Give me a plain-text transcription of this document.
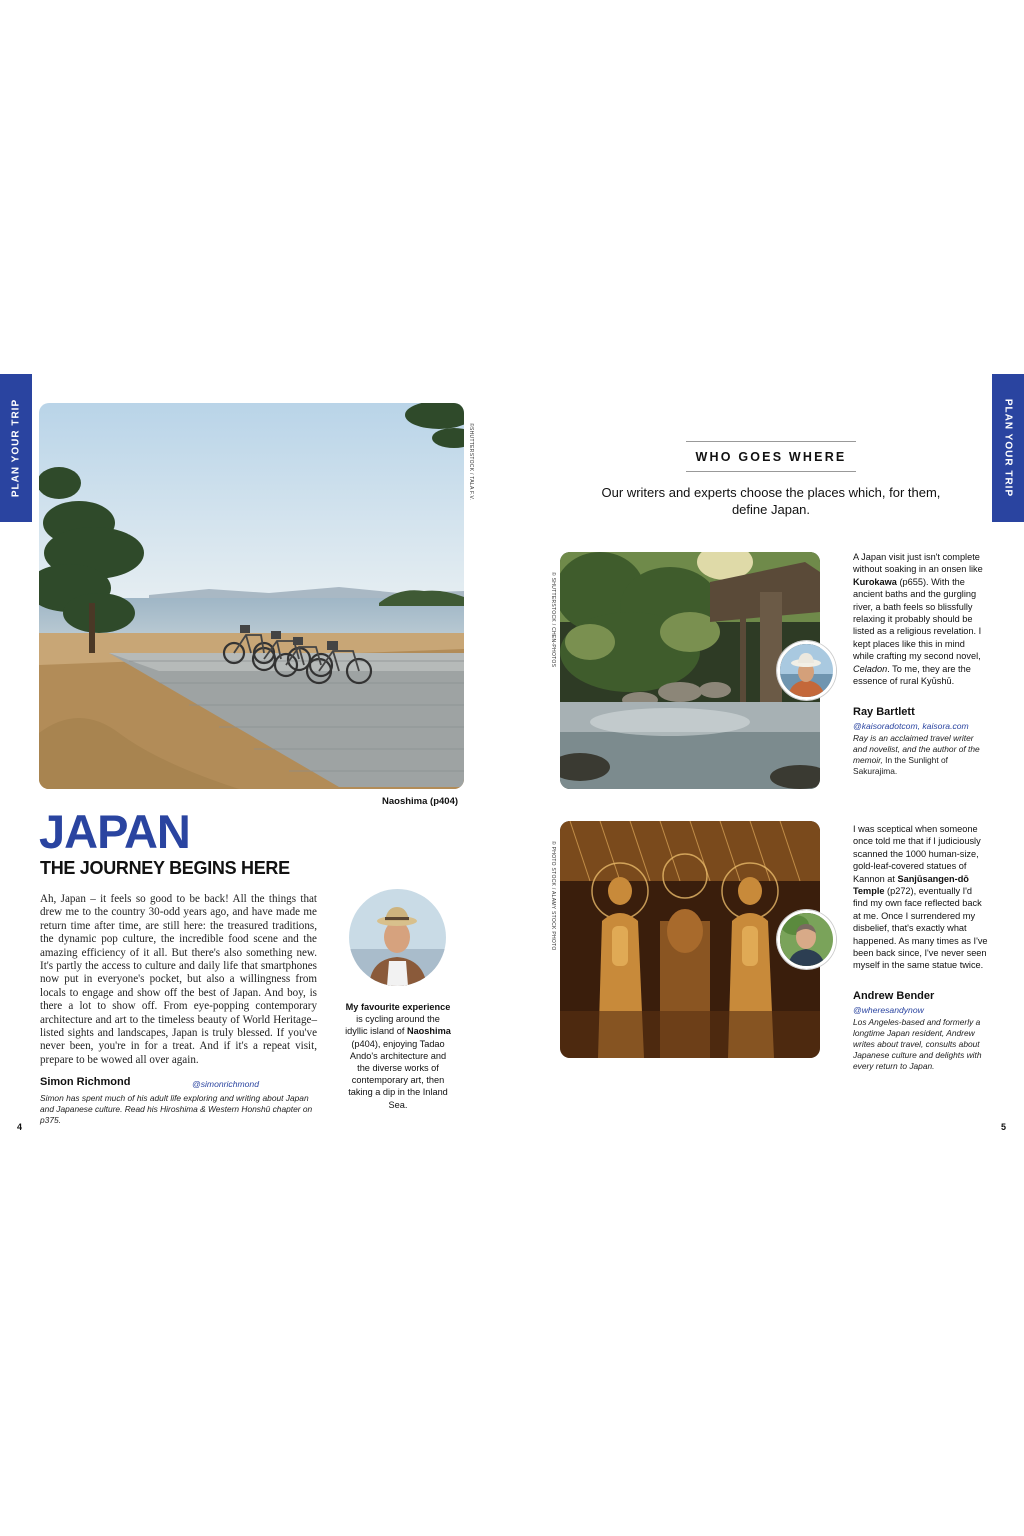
PLAN YOUR TRIP	PLAN YOUR TRIP
©SHUTTERSTOCK / TALA F.V.
Naoshima (p404)
JAPAN
THE JOURNEY BEGINS HERE
Ah, Japan – it feels so good to be back! All the things that drew me to the country 30-odd years ago, and have made me return time after time, are still here: the treasured traditions, the dynamic pop culture, the incredible food scene and the amazing efficiency of it all. But there's also something new. It's partly the access to culture and daily life that smartphones now put in everyone's pocket, but also a willingness from locals to engage and show off the best of Japan. And boy, is there a lot to show off. From eye-popping contemporary architecture and art to the timeless beauty of World Heritage–listed sights and landscapes, Japan is truly blessed. If you've never been, you're in for a treat. And if it's a repeat visit, prepare to be wowed all over again.
Simon Richmond	@simonrichmond
Simon has spent much of his adult life exploring and writing about Japan and Japanese culture. Read his Hiroshima & Western Honshū chapter on p375.
My favourite experience is cycling around the idyllic island of Naoshima (p404), enjoying Tadao Ando's architecture and the diverse works of contemporary art, then taking a dip in the Inland Sea.
4
WHO GOES WHERE
Our writers and experts choose the places which, for them, define Japan.
© SHUTTERSTOCK / CHEN-PHOTOS
A Japan visit just isn't complete without soaking in an onsen like Kurokawa (p655). With the ancient baths and the gurgling river, a bath feels so blissfully relaxing it probably should be listed as a religious revelation. I kept places like this in mind while crafting my second novel, Celadon. To me, they are the essence of rural Kyūshū.
Ray Bartlett
@kaisoradotcom, kaisora.com
Ray is an acclaimed travel writer and novelist, and the author of the memoir, In the Sunlight of Sakurajima.
© PHOTO STOCK / ALAMY STOCK PHOTO
I was sceptical when someone once told me that if I judiciously scanned the 1000 human-size, gold-leaf-covered statues of Kannon at Sanjūsangen-dō Temple (p272), eventually I'd find my own face reflected back at me. Once I surrendered my disbelief, that's exactly what happened. As many times as I've been back since, I've never seen myself in the same statue twice.
Andrew Bender
@wheresandynow
Los Angeles-based and formerly a longtime Japan resident, Andrew writes about travel, consults about Japanese culture and delights with every return to Japan.
5
